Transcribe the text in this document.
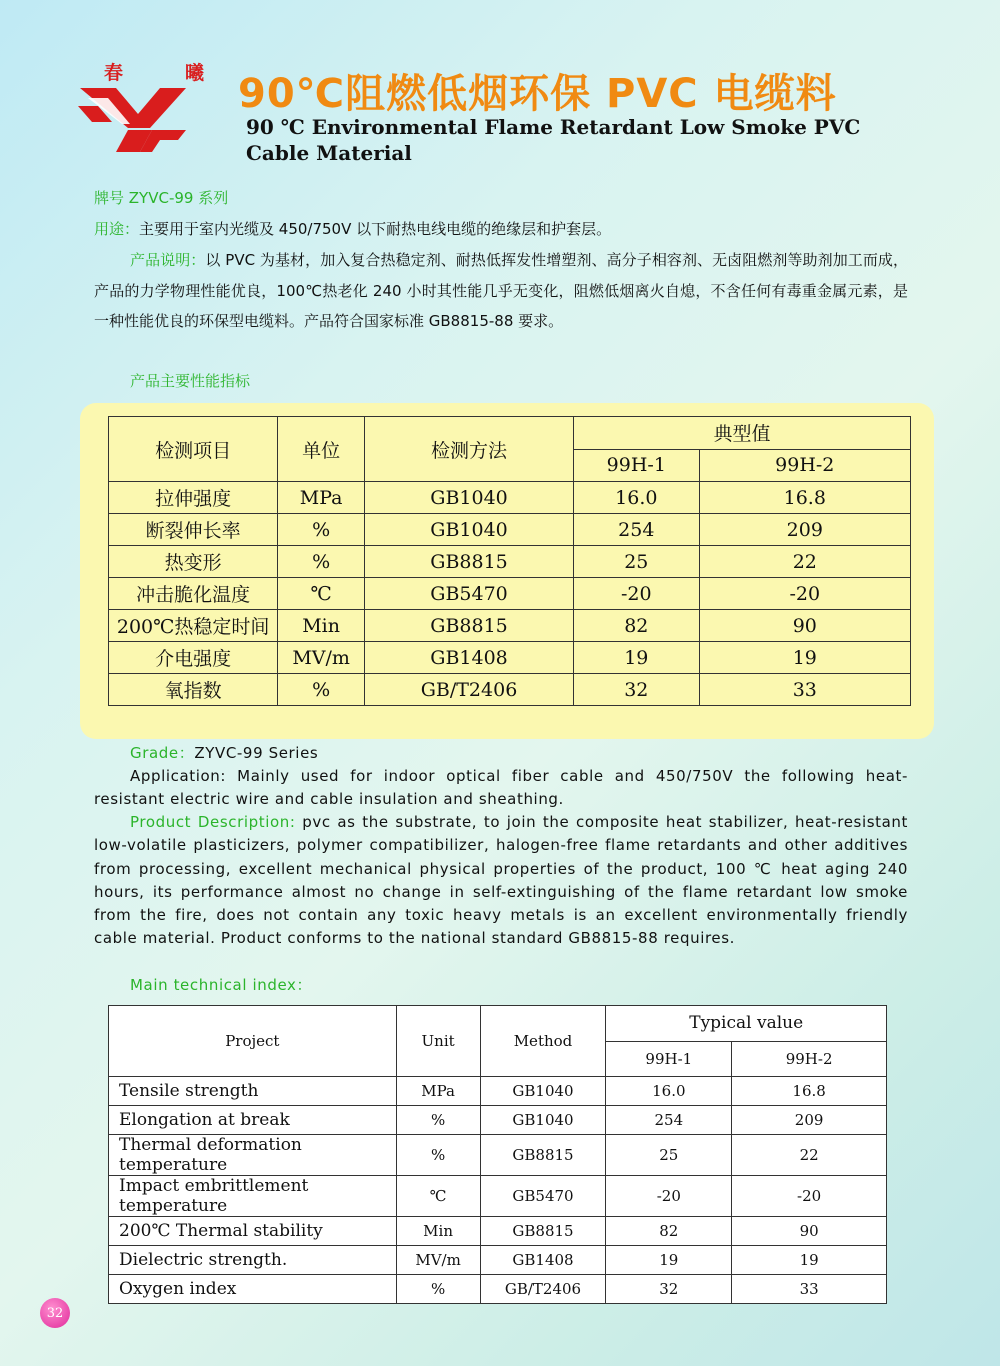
春	曦 90℃阻燃低烟环保 PVC 电缆料
90 ℃ Environmental Flame Retardant Low Smoke PVC Cable Material
牌号 ZYVC-99 系列
用途：主要用于室内光缆及 450/750V 以下耐热电线电缆的绝缘层和护套层。
产品说明：以 PVC 为基材，加入复合热稳定剂、耐热低挥发性增塑剂、高分子相容剂、无卤阻燃剂等助剂加工而成，产品的力学物理性能优良，100℃热老化 240 小时其性能几乎无变化，阻燃低烟离火自熄，不含任何有毒重金属元素，是一种性能优良的环保型电缆料。产品符合国家标准 GB8815-88 要求。
产品主要性能指标
检测项目	单位	检测方法	典型值	
			99H-1	99H-2
拉伸强度	MPa	GB1040	16.0	16.8
断裂伸长率	%	GB1040	254	209
热变形	%	GB8815	25	22
冲击脆化温度	℃	GB5470	-20	-20
200℃热稳定时间	Min	GB8815	82	90
介电强度	MV/m	GB1408	19	19
氧指数	%	GB/T2406	32	33
Grade：ZYVC-99 Series
Application: Mainly used for indoor optical fiber cable and 450/750V the following heat-resistant electric wire and cable insulation and sheathing.
Product Description: pvc as the substrate, to join the composite heat stabilizer, heat-resistant low-volatile plasticizers, polymer compatibilizer, halogen-free flame retardants and other additives from processing, excellent mechanical physical properties of the product, 100 ℃ heat aging 240 hours, its performance almost no change in self-extinguishing of the flame retardant low smoke from the fire, does not contain any toxic heavy metals is an excellent environmentally friendly cable material. Product conforms to the national standard GB8815-88 requires.
Main technical index：
Project	Unit	Method	Typical value	
			99H-1	99H-2
Tensile strength	MPa	GB1040	16.0	16.8
Elongation at break	%	GB1040	254	209
Thermal deformation temperature	%	GB8815	25	22
Impact embrittlement temperature	℃	GB5470	-20	-20
200℃ Thermal stability	Min	GB8815	82	90
Dielectric strength.	MV/m	GB1408	19	19
Oxygen index	%	GB/T2406	32	33
32
